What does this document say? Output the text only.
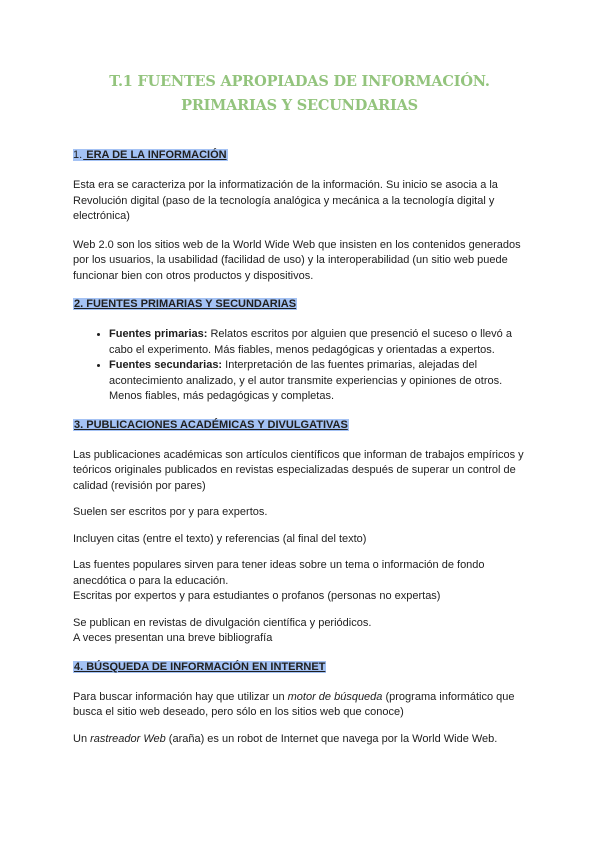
T.1 FUENTES APROPIADAS DE INFORMACIÓN. PRIMARIAS Y SECUNDARIAS
1. ERA DE LA INFORMACIÓN

Esta era se caracteriza por la informatización de la información. Su inicio se asocia a la Revolución digital (paso de la tecnología analógica y mecánica a la tecnología digital y electrónica)

Web 2.0 son los sitios web de la World Wide Web que insisten en los contenidos generados por los usuarios, la usabilidad (facilidad de uso) y la interoperabilidad (un sitio web puede funcionar bien con otros productos y dispositivos.

2. FUENTES PRIMARIAS Y SECUNDARIAS
• Fuentes primarias: Relatos escritos por alguien que presenció el suceso o llevó a cabo el experimento. Más fiables, menos pedagógicas y orientadas a expertos.
• Fuentes secundarias: Interpretación de las fuentes primarias, alejadas del acontecimiento analizado, y el autor transmite experiencias y opiniones de otros. Menos fiables, más pedagógicas y completas.
3. PUBLICACIONES ACADÉMICAS Y DIVULGATIVAS

Las publicaciones académicas son artículos científicos que informan de trabajos empíricos y teóricos originales publicados en revistas especializadas después de superar un control de calidad (revisión por pares)

Suelen ser escritos por y para expertos.

Incluyen citas (entre el texto) y referencias (al final del texto)

Las fuentes populares sirven para tener ideas sobre un tema o información de fondo anecdótica o para la educación.

Escritas por expertos y para estudiantes o profanos (personas no expertas)

Se publican en revistas de divulgación científica y periódicos.

A veces presentan una breve bibliografía

4. BÚSQUEDA DE INFORMACIÓN EN INTERNET

Para buscar información hay que utilizar un motor de búsqueda (programa informático que busca el sitio web deseado, pero sólo en los sitios web que conoce)

Un rastreador Web (araña) es un robot de Internet que navega por la World Wide Web.
